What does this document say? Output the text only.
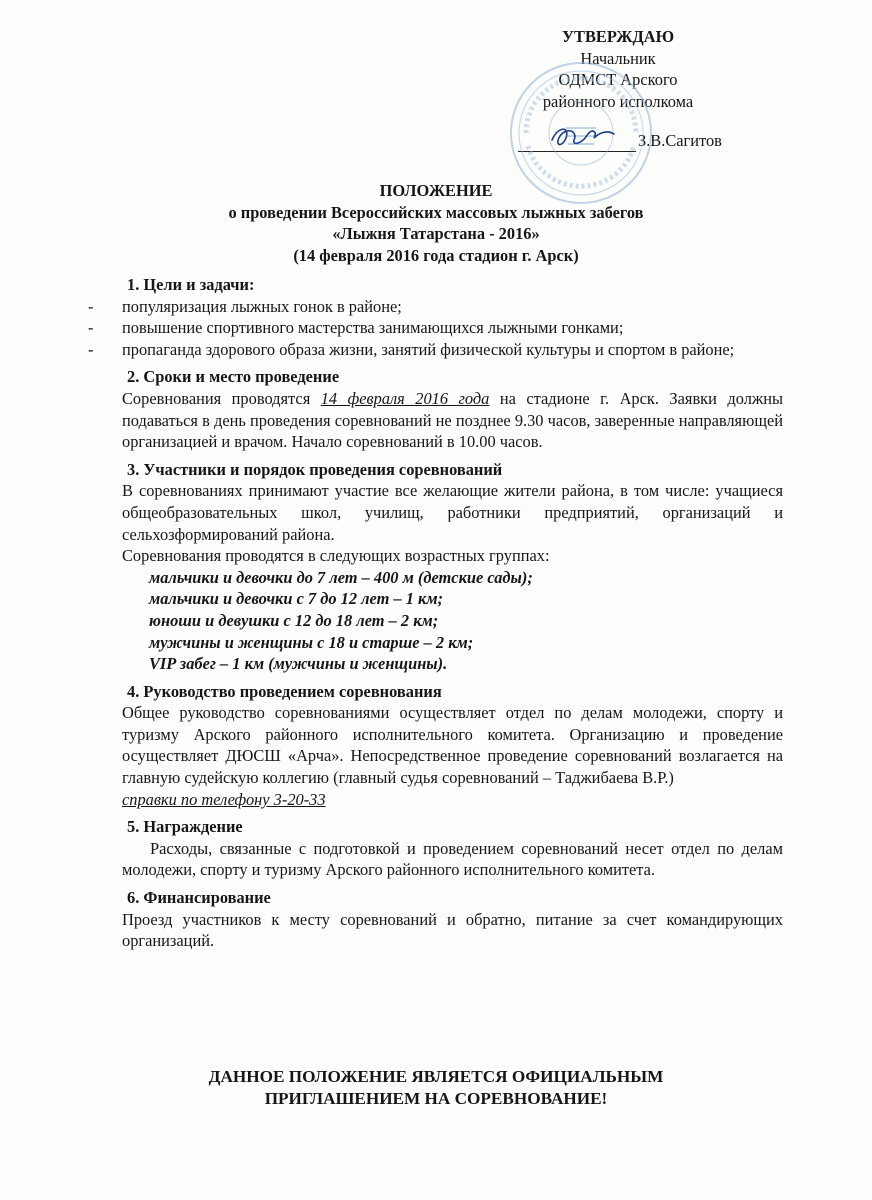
УТВЕРЖДАЮ
Начальник
ОДМСТ Арского
районного исполкома
З.В.Сагитов
ПОЛОЖЕНИЕ
о проведении Всероссийских массовых лыжных забегов
«Лыжня Татарстана - 2016»
(14 февраля 2016 года стадион г. Арск)
1. Цели и задачи:
- популяризация лыжных гонок в районе;
- повышение спортивного мастерства занимающихся лыжными гонками;
- пропаганда здорового образа жизни, занятий физической культуры и спортом в районе;
2. Сроки и место проведение
Соревнования проводятся 14 февраля 2016 года на стадионе г. Арск. Заявки должны подаваться в день проведения соревнований не позднее 9.30 часов, заверенные направляющей организацией и врачом. Начало соревнований в 10.00 часов.
3. Участники и порядок проведения соревнований
В соревнованиях принимают участие все желающие жители района, в том числе: учащиеся общеобразовательных школ, училищ, работники предприятий, организаций и сельхозформирований района.
Соревнования проводятся в следующих возрастных группах:
мальчики и девочки до 7 лет – 400 м (детские сады);
мальчики и девочки с 7 до 12 лет – 1 км;
юноши и девушки с 12 до 18 лет – 2 км;
мужчины и женщины с 18 и старше – 2 км;
VIP забег – 1 км (мужчины и женщины).
4. Руководство проведением соревнования
Общее руководство соревнованиями осуществляет отдел по делам молодежи, спорту и туризму Арского районного исполнительного комитета. Организацию и проведение осуществляет ДЮСШ «Арча». Непосредственное проведение соревнований возлагается на главную судейскую коллегию (главный судья соревнований – Таджибаева В.Р.)
справки по телефону 3-20-33
5. Награждение
Расходы, связанные с подготовкой и проведением соревнований несет отдел по делам молодежи, спорту и туризму Арского районного исполнительного комитета.
6. Финансирование
Проезд участников к месту соревнований и обратно, питание за счет командирующих организаций.
ДАННОЕ ПОЛОЖЕНИЕ ЯВЛЯЕТСЯ ОФИЦИАЛЬНЫМ
ПРИГЛАШЕНИЕМ НА СОРЕВНОВАНИЕ!
